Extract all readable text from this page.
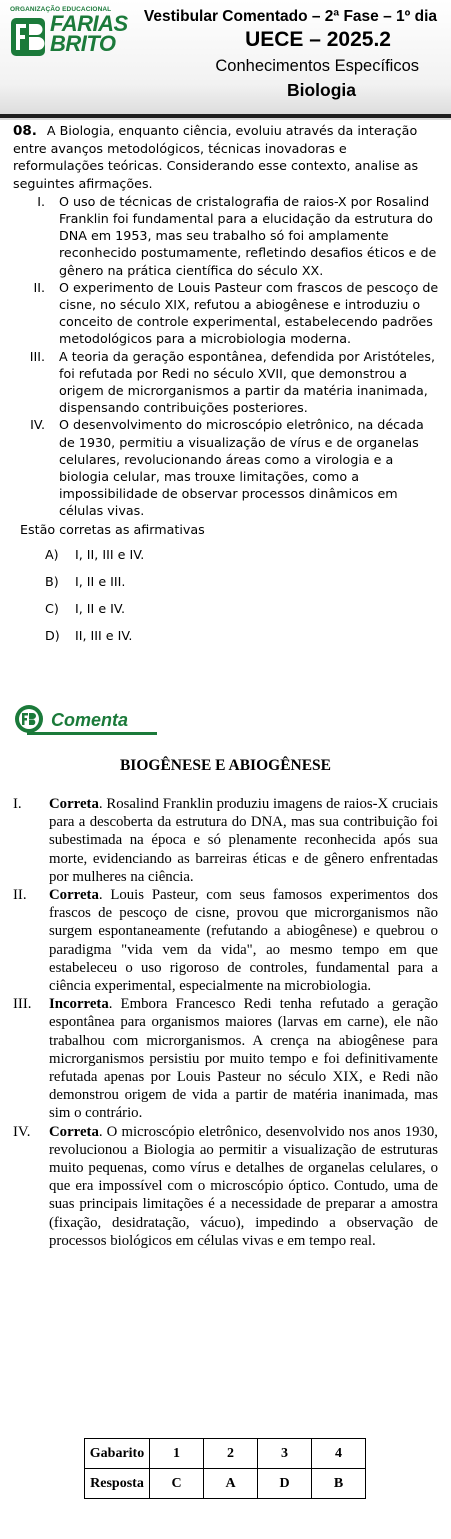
ORGANIZAÇÃO EDUCACIONAL
FARIAS
BRITO
Vestibular Comentado – 2ª Fase – 1º dia
UECE – 2025.2
Conhecimentos Específicos
Biologia
08. A Biologia, enquanto ciência, evoluiu através da interação entre avanços metodológicos, técnicas inovadoras e reformulações teóricas. Considerando esse contexto, analise as seguintes afirmações.
I.	O uso de técnicas de cristalografia de raios-X por Rosalind Franklin foi fundamental para a elucidação da estrutura do DNA em 1953, mas seu trabalho só foi amplamente reconhecido postumamente, refletindo desafios éticos e de gênero na prática científica do século XX.
II.	O experimento de Louis Pasteur com frascos de pescoço de cisne, no século XIX, refutou a abiogênese e introduziu o conceito de controle experimental, estabelecendo padrões metodológicos para a microbiologia moderna.
III.	A teoria da geração espontânea, defendida por Aristóteles, foi refutada por Redi no século XVII, que demonstrou a origem de microrganismos a partir da matéria inanimada, dispensando contribuições posteriores.
IV.	O desenvolvimento do microscópio eletrônico, na década de 1930, permitiu a visualização de vírus e de organelas celulares, revolucionando áreas como a virologia e a biologia celular, mas trouxe limitações, como a impossibilidade de observar processos dinâmicos em células vivas.
Estão corretas as afirmativas
A)	I, II, III e IV.
B)	I, II e III.
C)	I, II e IV.
D)	II, III e IV.
Comenta
BIOGÊNESE E ABIOGÊNESE
I.	Correta. Rosalind Franklin produziu imagens de raios-X cruciais para a descoberta da estrutura do DNA, mas sua contribuição foi subestimada na época e só plenamente reconhecida após sua morte, evidenciando as barreiras éticas e de gênero enfrentadas por mulheres na ciência.
II.	Correta. Louis Pasteur, com seus famosos experimentos dos frascos de pescoço de cisne, provou que microrganismos não surgem espontaneamente (refutando a abiogênese) e quebrou o paradigma "vida vem da vida", ao mesmo tempo em que estabeleceu o uso rigoroso de controles, fundamental para a ciência experimental, especialmente na microbiologia.
III.	Incorreta. Embora Francesco Redi tenha refutado a geração espontânea para organismos maiores (larvas em carne), ele não trabalhou com microrganismos. A crença na abiogênese para microrganismos persistiu por muito tempo e foi definitivamente refutada apenas por Louis Pasteur no século XIX, e Redi não demonstrou origem de vida a partir de matéria inanimada, mas sim o contrário.
IV.	Correta. O microscópio eletrônico, desenvolvido nos anos 1930, revolucionou a Biologia ao permitir a visualização de estruturas muito pequenas, como vírus e detalhes de organelas celulares, o que era impossível com o microscópio óptico. Contudo, uma de suas principais limitações é a necessidade de preparar a amostra (fixação, desidratação, vácuo), impedindo a observação de processos biológicos em células vivas e em tempo real.
Gabarito	1	2	3	4
Resposta	C	A	D	B
